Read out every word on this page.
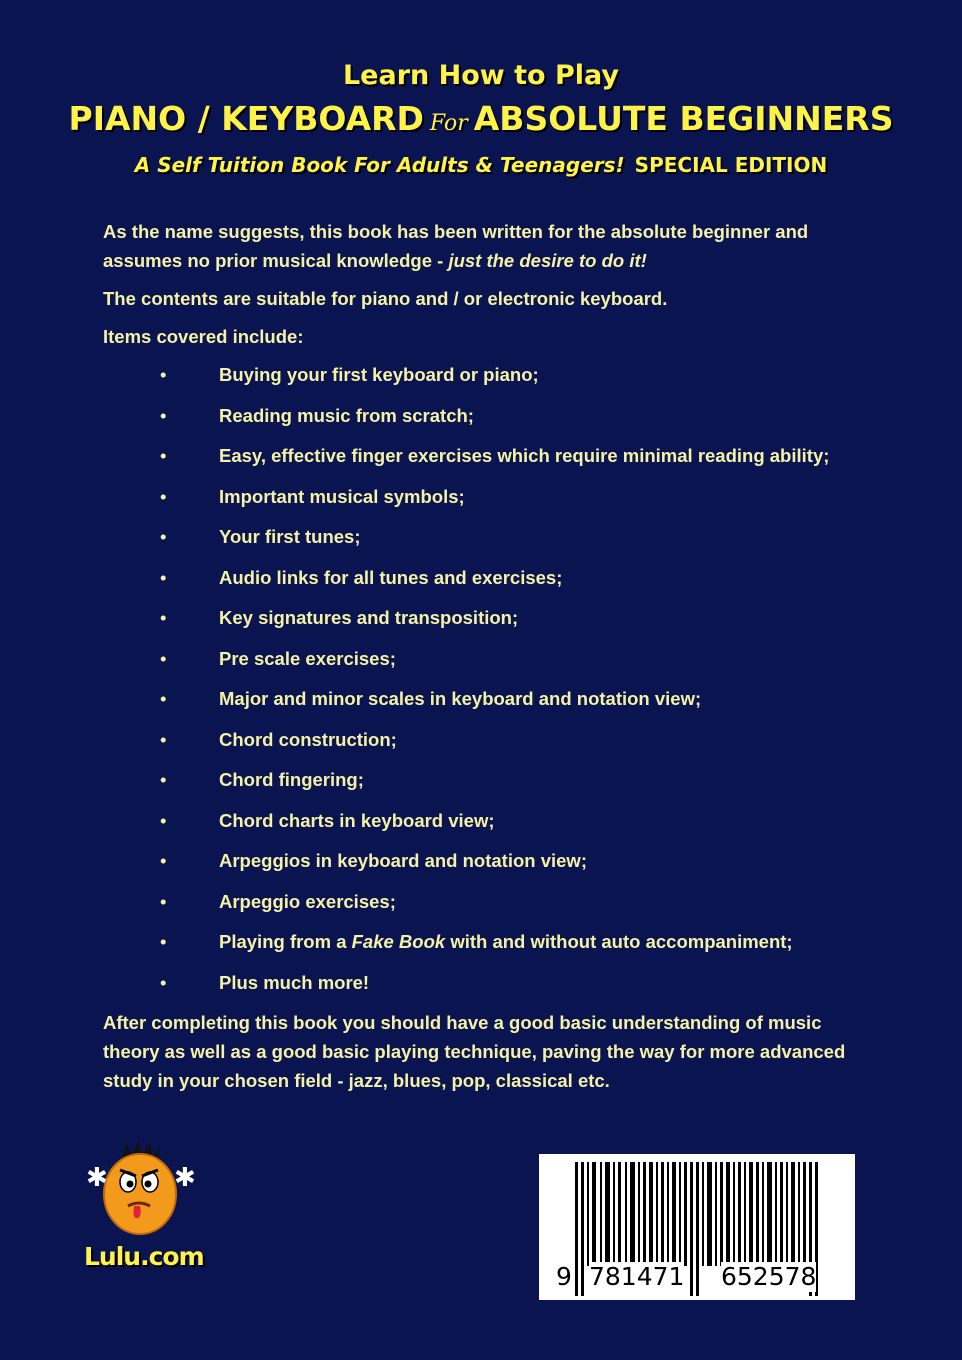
Learn How to Play
PIANO / KEYBOARD For ABSOLUTE BEGINNERS
A Self Tuition Book For Adults & Teenagers! SPECIAL EDITION

As the name suggests, this book has been written for the absolute beginner and assumes no prior musical knowledge - just the desire to do it!

The contents are suitable for piano and / or electronic keyboard.

Items covered include:

• Buying your first keyboard or piano;
• Reading music from scratch;
• Easy, effective finger exercises which require minimal reading ability;
• Important musical symbols;
• Your first tunes;
• Audio links for all tunes and exercises;
• Key signatures and transposition;
• Pre scale exercises;
• Major and minor scales in keyboard and notation view;
• Chord construction;
• Chord fingering;
• Chord charts in keyboard view;
• Arpeggios in keyboard and notation view;
• Arpeggio exercises;
• Playing from a Fake Book with and without auto accompaniment;
• Plus much more!

After completing this book you should have a good basic understanding of music theory as well as a good basic playing technique, paving the way for more advanced study in your chosen field - jazz, blues, pop, classical etc.

✱	✱
Lulu.com
9 781471 652578
